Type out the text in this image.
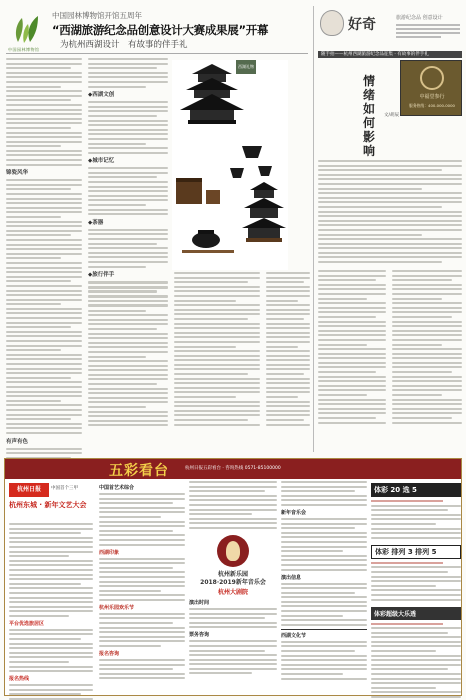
中国园林博物馆
中国园林博物馆开馆五周年
“西湖旅游纪念品创意设计大赛成果展”开幕
为杭州西湖设计　有故事的伴手礼
好奇	旅游纪念品 创意设计
随手拍——杭州西湖旅游纪念品征集 · 有故事的伴手礼
锦瓷风华
有声有色
◆西湖文创
◆城市记忆
◆茶器
◆旅行伴手
西湖礼物
情
绪
如
何
影
响
文/胡辰
中福堂参行
服务热线：400-000-0000
五彩看台	杭州日报五彩看台 · 咨询热线 0571-85100000
杭州日报	中国首个三甲
杭州东城 · 新年文艺大会
平台优选旅居区
报名热线
中国首艺术综合
西湖印象
杭州乐园欢乐节
报名咨询
杭州新乐园
2018·2019新年音乐会
杭州大剧院
演出时间
票务咨询
新年音乐会
演出信息
西湖文化节
体彩 20 选 5
体彩 排列 3 排列 5
体彩超级大乐透
